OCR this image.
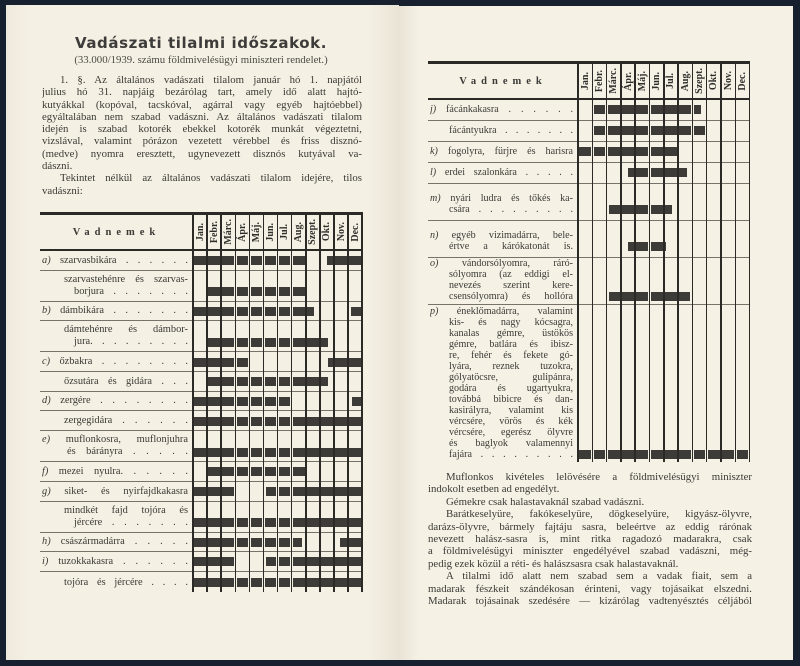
Vadászati tilalmi időszakok.
(33.000/1939. számu földmivelésügyi miniszteri rendelet.)
1. §. Az általános vadászati tilalom január hó 1. napjától
julius hó 31. napjáig bezárólag tart, amely idő alatt hajtó-
kutyákkal (kopóval, tacskóval, agárral vagy egyéb hajtóebbel)
egyáltalában nem szabad vadászni. Az általános vadászati tilalom
idején is szabad kotorék ebekkel kotorék munkát végeztetni,
vizslával, valamint pórázon vezetett vérebbel és friss disznó-
(medve) nyomra eresztett, ugynevezett disznós kutyával va-
dászni.
Tekintet nélkül az általános vadászati tilalom idejére, tilos
vadászni:
Vadnemek	Jan. Febr. Márc. Ápr. Máj. Jun. Jul. Aug. Szept. Okt. Nov. Dec.
a) szarvasbikára . . . . . .
szarvastehénre és szarvas-
borjura . . . . . . .
b) dámbikára . . . . . . .
dámtehénre és dámbor-
jura. . . . . . . . .
c) őzbakra . . . . . . . .
őzsutára és gidára . . .
d) zergére . . . . . . . .
zergegidára . . . . . .
e) muflonkosra, muflonjuhra
és bárányra . . . . .
f) mezei nyulra. . . . . .
g) siket- és nyirfajdkakasra
mindkét fajd tojóra és
jércére . . . . . . .
h) császármadárra . . . . .
i) tuzokkakasra . . . . . .
tojóra és jércére . . . .
Vadnemek	Jan. Febr. Márc. Ápr. Máj. Jun. Jul. Aug. Szept. Okt. Nov. Dec.
j) fácánkakasra . . . . . .
fácántyukra . . . . . . .
k) fogolyra, fürjre és harisra
l) erdei szalonkára . . . . .
m) nyári ludra és tőkés ka-
csára . . . . . . . . .
n) egyéb vizimadárra, bele-
értve a kárókatonát is.
o) vándorsólyomra, ráró-
sólyomra (az eddigi el-
nevezés szerint kere-
csensólyomra) és hollóra
p) éneklőmadárra, valamint
kis- és nagy kócsagra,
kanalas gémre, üstökös
gémre, batlára és ibisz-
re, fehér és fekete gó-
lyára, reznek tuzokra,
gólyatöcsre, gulipánra,
godára és ugartyukra,
továbbá bibicre és dan-
kasirályra, valamint kis
vércsére, vörös és kék
vércsére, egerész ölyvre
és baglyok valamennyi
fajára . . . . . . . . .
Muflonkos kivételes lelövésére a földmivelésügyi miniszter
indokolt esetben ad engedélyt.
Gémekre csak halastavaknál szabad vadászni.
Barátkeselyüre, fakókeselyüre, dögkeselyüre, kigyász-ölyvre,
darázs-ölyvre, bármely fajtáju sasra, beleértve az eddig rárónak
nevezett halász-sasra is, mint ritka ragadozó madarakra, csak
a földmivelésügyi miniszter engedélyével szabad vadászni, még-
pedig ezek közül a réti- és halászsasra csak halastavaknál.
A tilalmi idő alatt nem szabad sem a vadak fiait, sem a
madarak fészkeit szándékosan érinteni, vagy tojásaikat elszedni.
Madarak tojásainak szedésére — kizárólag vadtenyésztés céljából
